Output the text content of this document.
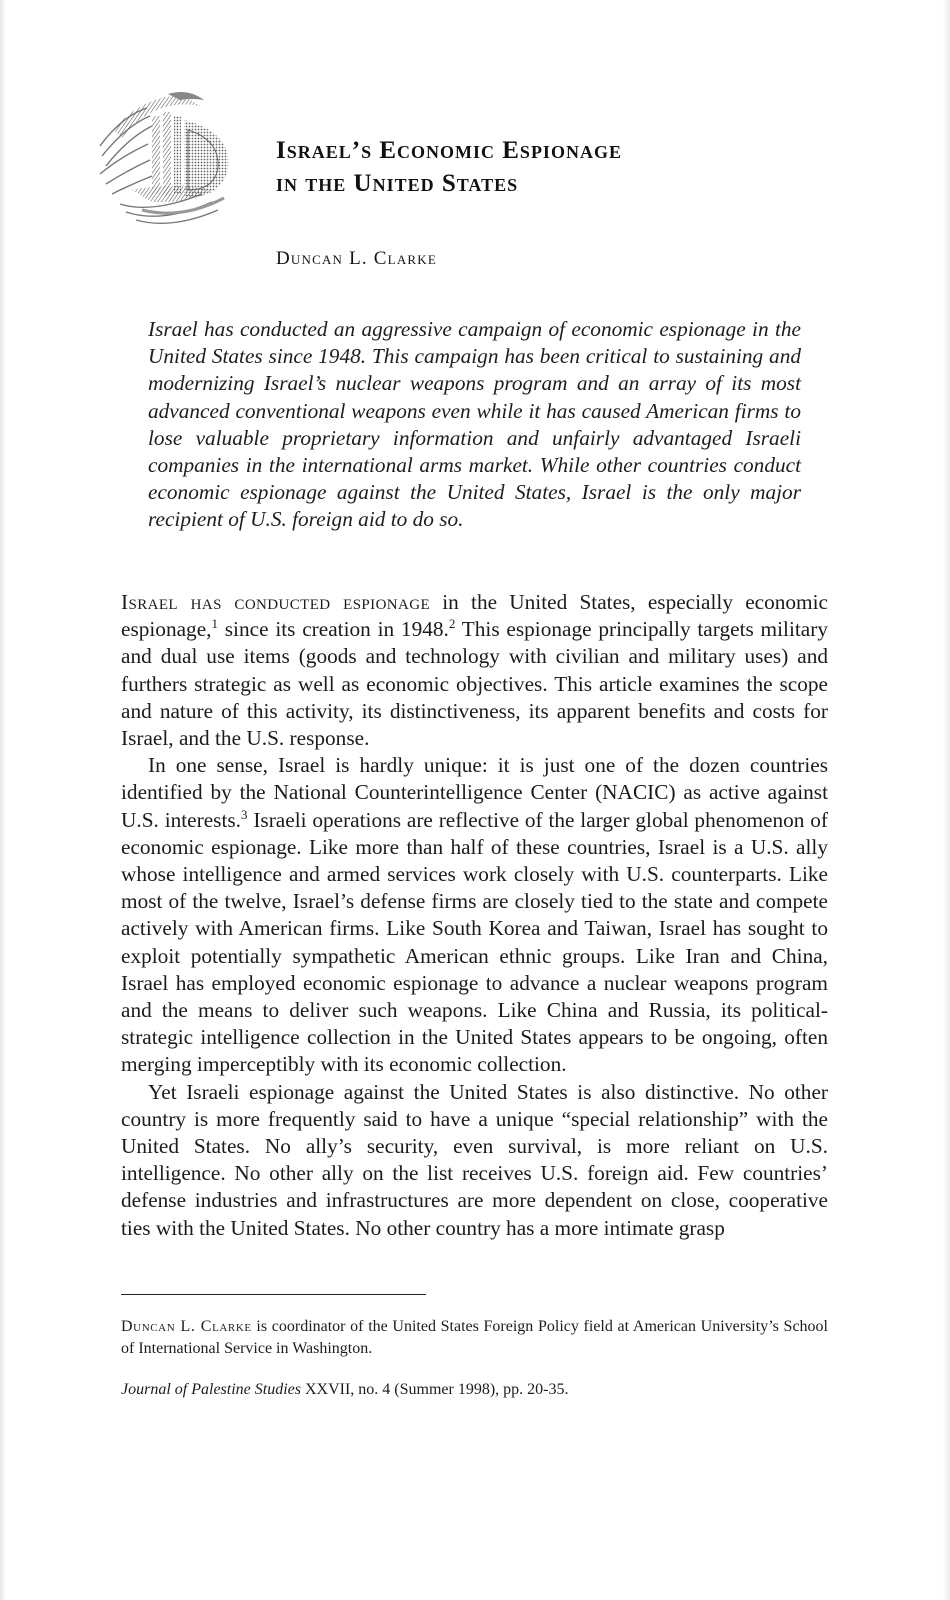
Israel’s Economic Espionage
in the United States
Duncan L. Clarke

Israel has conducted an aggressive campaign of economic espionage in the United States since 1948. This campaign has been critical to sustaining and modernizing Israel’s nuclear weapons program and an array of its most advanced conventional weapons even while it has caused American firms to lose valuable proprietary information and unfairly advantaged Israeli companies in the international arms market. While other countries conduct economic espionage against the United States, Israel is the only major recipient of U.S. foreign aid to do so.

Israel has conducted espionage in the United States, especially economic espionage,$^1$ since its creation in 1948.$^2$ This espionage principally targets military and dual use items (goods and technology with civilian and military uses) and furthers strategic as well as economic objectives. This article examines the scope and nature of this activity, its distinctiveness, its apparent benefits and costs for Israel, and the U.S. response.

In one sense, Israel is hardly unique: it is just one of the dozen countries identified by the National Counterintelligence Center (NACIC) as active against U.S. interests.$^3$ Israeli operations are reflective of the larger global phenomenon of economic espionage. Like more than half of these countries, Israel is a U.S. ally whose intelligence and armed services work closely with U.S. counterparts. Like most of the twelve, Israel’s defense firms are closely tied to the state and compete actively with American firms. Like South Korea and Taiwan, Israel has sought to exploit potentially sympathetic American ethnic groups. Like Iran and China, Israel has employed economic espionage to advance a nuclear weapons program and the means to deliver such weapons. Like China and Russia, its political-strategic intelligence collection in the United States appears to be ongoing, often merging imperceptibly with its economic collection.

Yet Israeli espionage against the United States is also distinctive. No other country is more frequently said to have a unique “special relationship” with the United States. No ally’s security, even survival, is more reliant on U.S. intelligence. No other ally on the list receives U.S. foreign aid. Few countries’ defense industries and infrastructures are more dependent on close, cooperative ties with the United States. No other country has a more intimate grasp

Duncan L. Clarke is coordinator of the United States Foreign Policy field at American University’s School of International Service in Washington.

Journal of Palestine Studies XXVII, no. 4 (Summer 1998), pp. 20-35.
